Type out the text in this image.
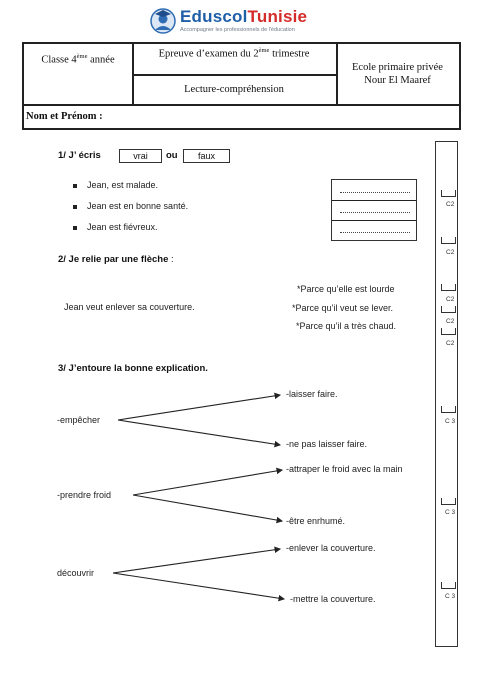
EduscolTunisie
Accompagner les professionnels de l'éducation
Classe 4ème année
Epreuve d’examen du 2ème trimestre
Lecture-compréhension
Ecole primaire privée
Nour El Maaref
Nom et Prénom :
C2
C2
C2
C2
C2
C 3
C 3
C 3
1/ J’ écris	vrai	ou	faux
Jean, est malade.
Jean est en bonne santé.
Jean est fiévreux.
2/ Je relie par une flèche :
Jean veut enlever sa couverture.
*Parce qu’elle est lourde
*Parce qu’il veut se lever.
*Parce qu’il a très chaud.
3/ J’entoure la bonne explication.
-empêcher
-laisser faire.
-ne pas laisser faire.
-prendre froid
-attraper le froid avec la main
-être enrhumé.
découvrir
-enlever la couverture.
-mettre la couverture.
